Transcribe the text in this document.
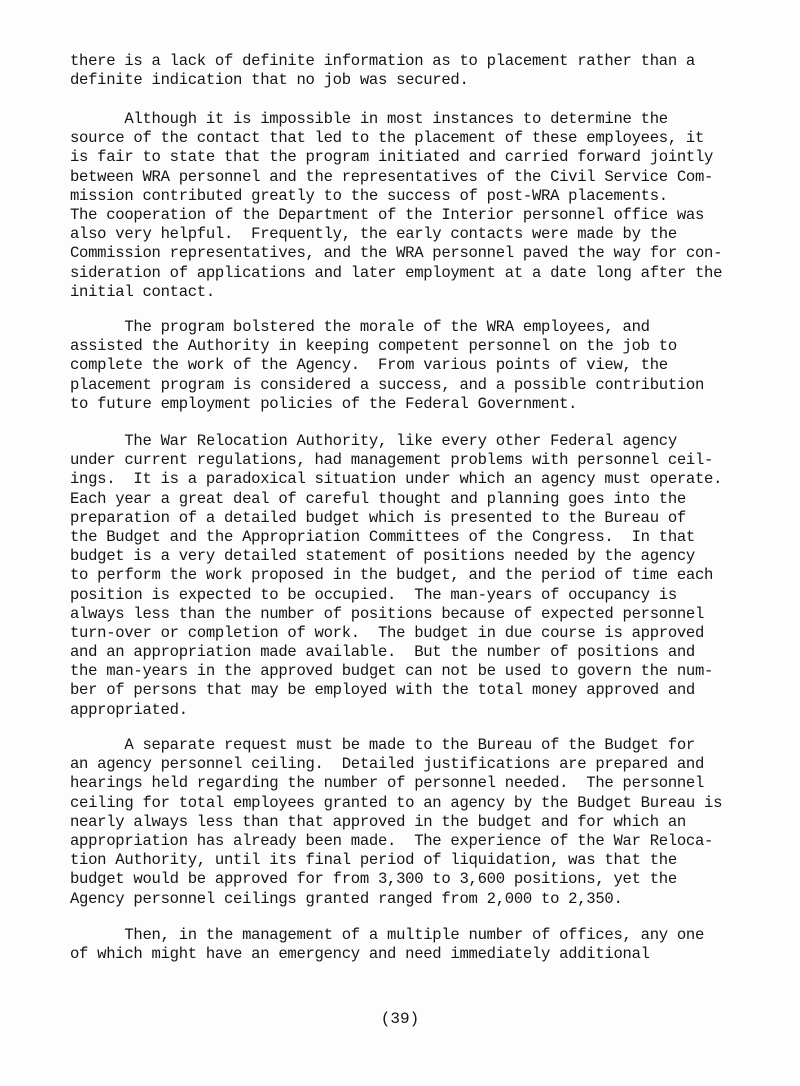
there is a lack of definite information as to placement rather than a
definite indication that no job was secured.
Although it is impossible in most instances to determine the
source of the contact that led to the placement of these employees, it
is fair to state that the program initiated and carried forward jointly
between WRA personnel and the representatives of the Civil Service Com-
mission contributed greatly to the success of post-WRA placements.
The cooperation of the Department of the Interior personnel office was
also very helpful.  Frequently, the early contacts were made by the
Commission representatives, and the WRA personnel paved the way for con-
sideration of applications and later employment at a date long after the
initial contact.
The program bolstered the morale of the WRA employees, and
assisted the Authority in keeping competent personnel on the job to
complete the work of the Agency.  From various points of view, the
placement program is considered a success, and a possible contribution
to future employment policies of the Federal Government.
The War Relocation Authority, like every other Federal agency
under current regulations, had management problems with personnel ceil-
ings.  It is a paradoxical situation under which an agency must operate.
Each year a great deal of careful thought and planning goes into the
preparation of a detailed budget which is presented to the Bureau of
the Budget and the Appropriation Committees of the Congress.  In that
budget is a very detailed statement of positions needed by the agency
to perform the work proposed in the budget, and the period of time each
position is expected to be occupied.  The man-years of occupancy is
always less than the number of positions because of expected personnel
turn-over or completion of work.  The budget in due course is approved
and an appropriation made available.  But the number of positions and
the man-years in the approved budget can not be used to govern the num-
ber of persons that may be employed with the total money approved and
appropriated.
A separate request must be made to the Bureau of the Budget for
an agency personnel ceiling.  Detailed justifications are prepared and
hearings held regarding the number of personnel needed.  The personnel
ceiling for total employees granted to an agency by the Budget Bureau is
nearly always less than that approved in the budget and for which an
appropriation has already been made.  The experience of the War Reloca-
tion Authority, until its final period of liquidation, was that the
budget would be approved for from 3,300 to 3,600 positions, yet the
Agency personnel ceilings granted ranged from 2,000 to 2,350.
Then, in the management of a multiple number of offices, any one
of which might have an emergency and need immediately additional
(39)
